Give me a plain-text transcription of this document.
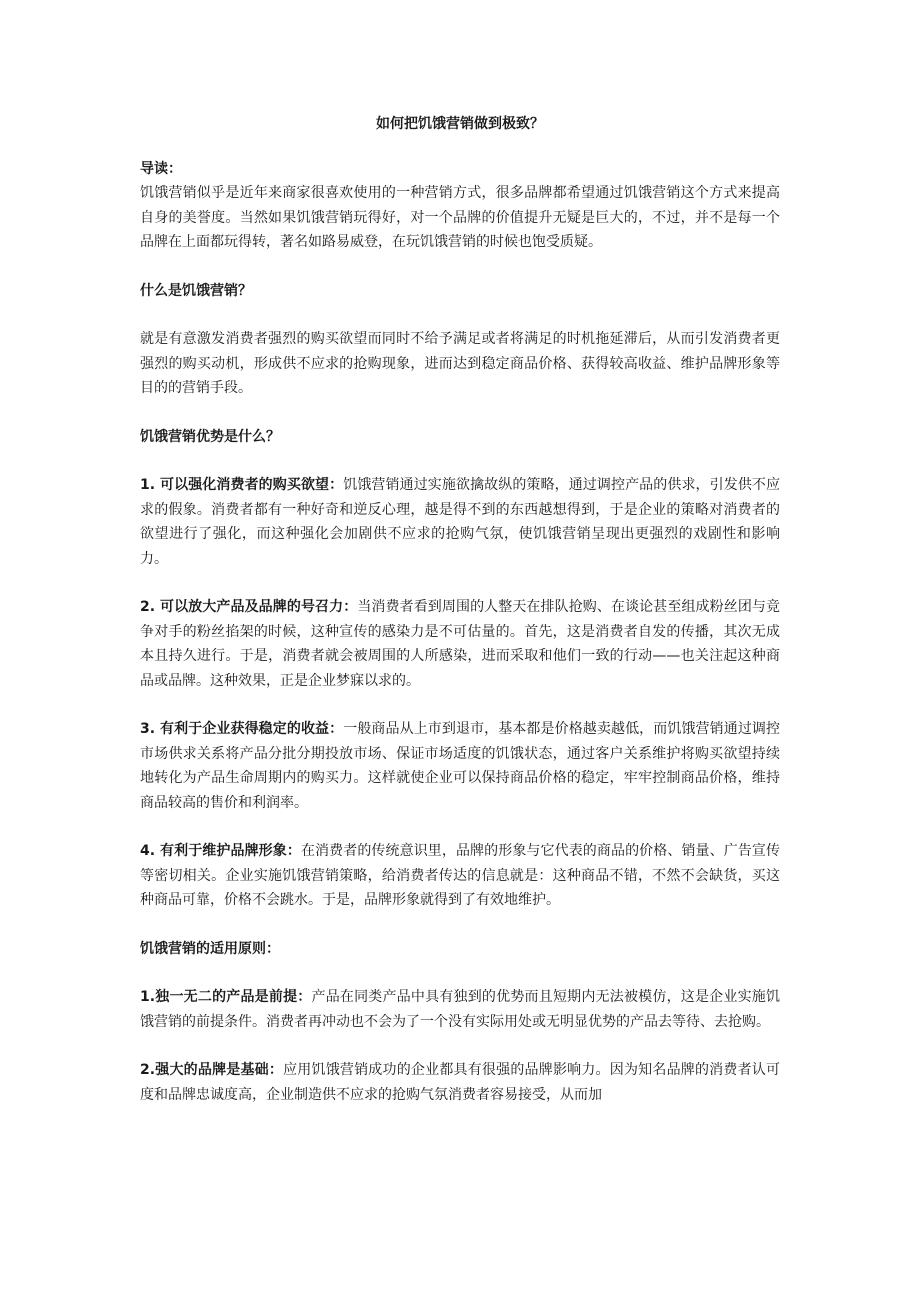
如何把饥饿营销做到极致？

导读：

饥饿营销似乎是近年来商家很喜欢使用的一种营销方式，很多品牌都希望通过饥饿营销这个方式来提高自身的美誉度。当然如果饥饿营销玩得好，对一个品牌的价值提升无疑是巨大的，不过，并不是每一个品牌在上面都玩得转，著名如路易威登，在玩饥饿营销的时候也饱受质疑。

什么是饥饿营销？

就是有意激发消费者强烈的购买欲望而同时不给予满足或者将满足的时机拖延滞后，从而引发消费者更强烈的购买动机，形成供不应求的抢购现象，进而达到稳定商品价格、获得较高收益、维护品牌形象等目的的营销手段。

饥饿营销优势是什么？

1. 可以强化消费者的购买欲望：饥饿营销通过实施欲擒故纵的策略，通过调控产品的供求，引发供不应求的假象。消费者都有一种好奇和逆反心理，越是得不到的东西越想得到，于是企业的策略对消费者的欲望进行了强化，而这种强化会加剧供不应求的抢购气氛，使饥饿营销呈现出更强烈的戏剧性和影响力。

2. 可以放大产品及品牌的号召力：当消费者看到周围的人整天在排队抢购、在谈论甚至组成粉丝团与竞争对手的粉丝掐架的时候，这种宣传的感染力是不可估量的。首先，这是消费者自发的传播，其次无成本且持久进行。于是，消费者就会被周围的人所感染，进而采取和他们一致的行动——也关注起这种商品或品牌。这种效果，正是企业梦寐以求的。

3. 有利于企业获得稳定的收益：一般商品从上市到退市，基本都是价格越卖越低，而饥饿营销通过调控市场供求关系将产品分批分期投放市场、保证市场适度的饥饿状态，通过客户关系维护将购买欲望持续地转化为产品生命周期内的购买力。这样就使企业可以保持商品价格的稳定，牢牢控制商品价格，维持商品较高的售价和利润率。

4. 有利于维护品牌形象：在消费者的传统意识里，品牌的形象与它代表的商品的价格、销量、广告宣传等密切相关。企业实施饥饿营销策略，给消费者传达的信息就是：这种商品不错，不然不会缺货，买这种商品可靠，价格不会跳水。于是，品牌形象就得到了有效地维护。

饥饿营销的适用原则：

1.独一无二的产品是前提：产品在同类产品中具有独到的优势而且短期内无法被模仿，这是企业实施饥饿营销的前提条件。消费者再冲动也不会为了一个没有实际用处或无明显优势的产品去等待、去抢购。

2.强大的品牌是基础：应用饥饿营销成功的企业都具有很强的品牌影响力。因为知名品牌的消费者认可度和品牌忠诚度高，企业制造供不应求的抢购气氛消费者容易接受，从而加
